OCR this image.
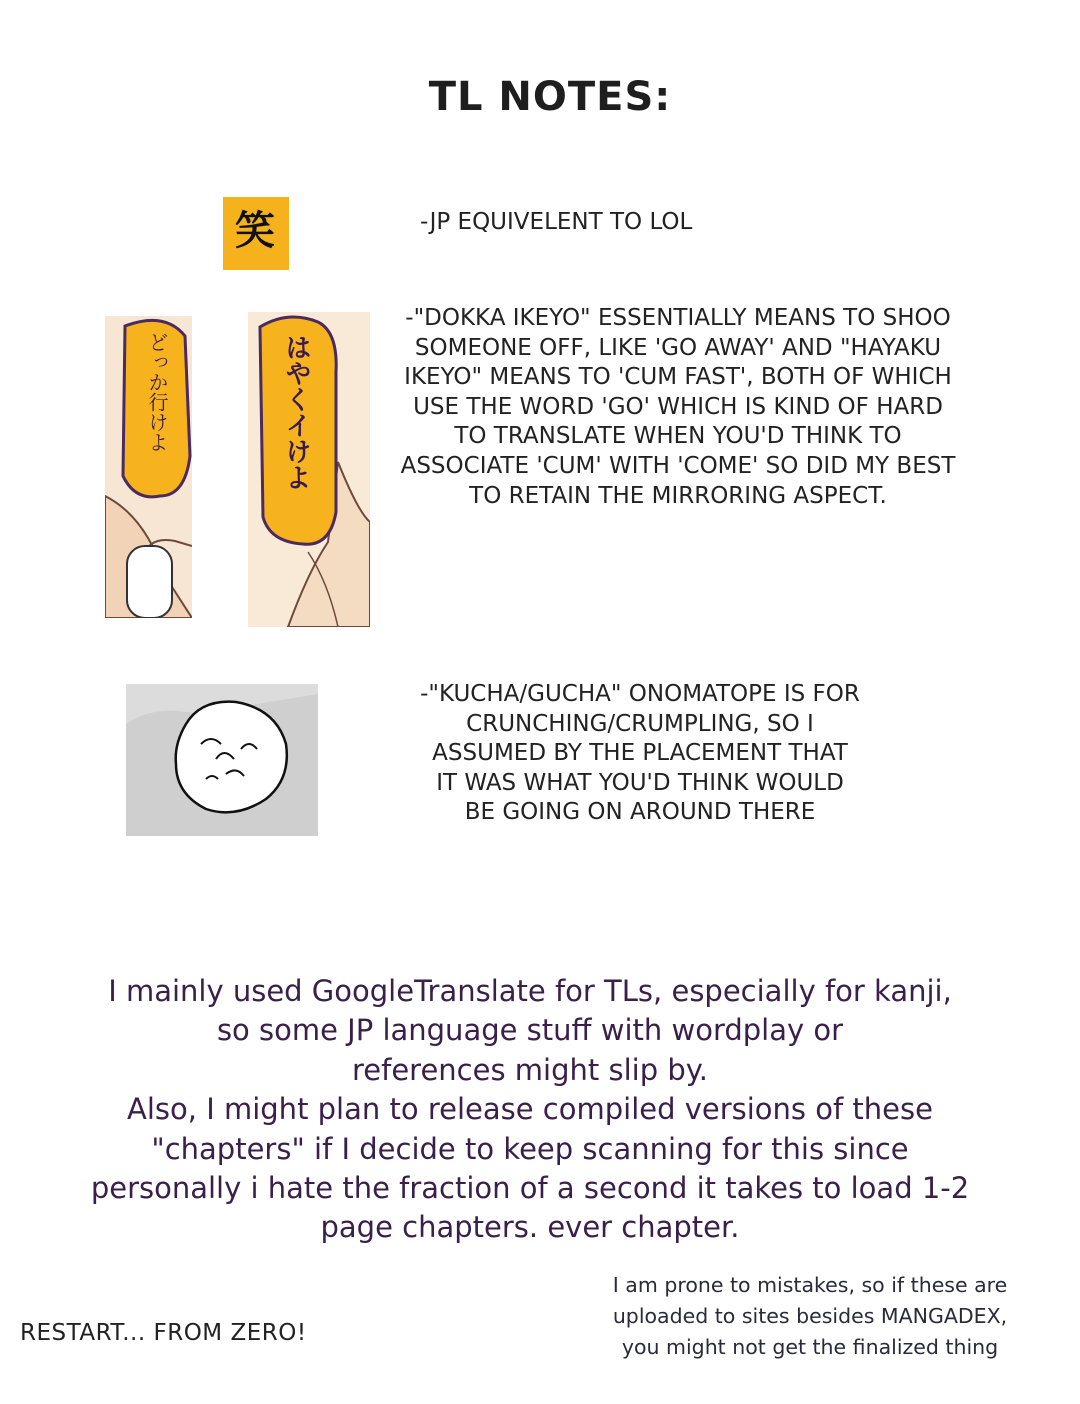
TL NOTES:
笑	-JP EQUIVELENT TO LOL
どっか行けよ	はやくイけよ
-"DOKKA IKEYO" ESSENTIALLY MEANS TO SHOO SOMEONE OFF, LIKE 'GO AWAY' AND "HAYAKU IKEYO" MEANS TO 'CUM FAST', BOTH OF WHICH USE THE WORD 'GO' WHICH IS KIND OF HARD TO TRANSLATE WHEN YOU'D THINK TO ASSOCIATE 'CUM' WITH 'COME' SO DID MY BEST TO RETAIN THE MIRRORING ASPECT.
-"KUCHA/GUCHA" ONOMATOPE IS FOR CRUNCHING/CRUMPLING, SO I ASSUMED BY THE PLACEMENT THAT IT WAS WHAT YOU'D THINK WOULD BE GOING ON AROUND THERE
I mainly used GoogleTranslate for TLs, especially for kanji,
so some JP language stuff with wordplay or
references might slip by.
Also, I might plan to release compiled versions of these
"chapters" if I decide to keep scanning for this since
personally i hate the fraction of a second it takes to load 1-2
page chapters. ever chapter.
I am prone to mistakes, so if these are
uploaded to sites besides MANGADEX,
you might not get the finalized thing
RESTART... FROM ZERO!
